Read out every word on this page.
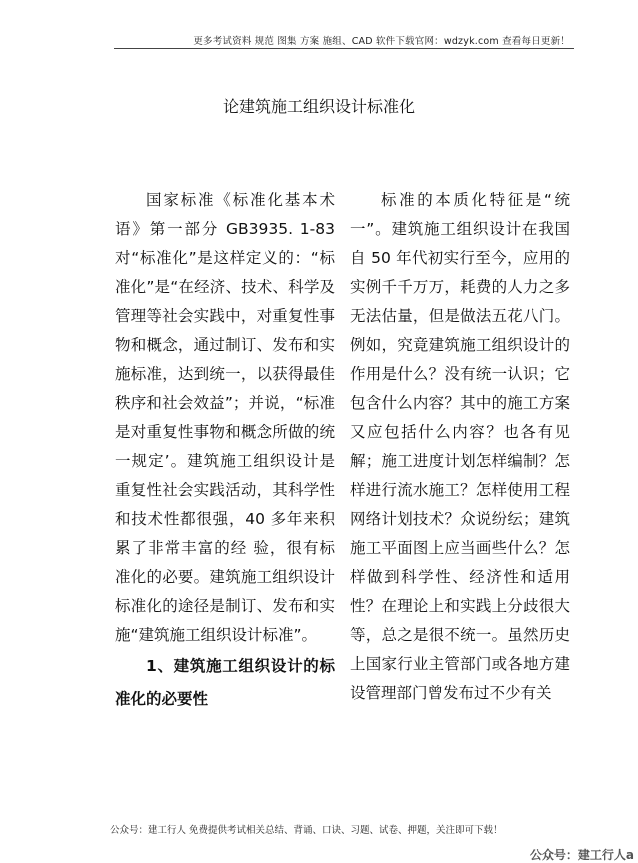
更多考试资料 规范 图集 方案 施组、CAD 软件下载官网：wdzyk.com 查看每日更新！
论建筑施工组织设计标准化

国家标准《标准化基本术语》第一部分 GB3935. 1-83 对“标准化”是这样定义的：“标准化”是“在经济、技术、科学及管理等社会实践中，对重复性事物和概念，通过制订、发布和实施标准，达到统一，以获得最佳秩序和社会效益”；并说，“标准是对重复性事物和概念所做的统一规定’。建筑施工组织设计是重复性社会实践活动，其科学性和技术性都很强，40 多年来积累了非常丰富的经 验，很有标准化的必要。建筑施工组织设计标准化的途径是制订、发布和实施“建筑施工组织设计标准”。

1、建筑施工组织设计的标准化的必要性

标准的本质化特征是“统一”。建筑施工组织设计在我国自 50 年代初实行至今，应用的实例千千万万，耗费的人力之多无法估量，但是做法五花八门。例如，究竟建筑施工组织设计的作用是什么？没有统一认识；它包含什么内容？其中的施工方案又应包括什么内容？也各有见解；施工进度计划怎样编制？怎样进行流水施工？怎样使用工程网络计划技术？众说纷纭；建筑施工平面图上应当画些什么？怎样做到科学性、经济性和适用性？在理论上和实践上分歧很大等，总之是很不统一。虽然历史上国家行业主管部门或各地方建设管理部门曾发布过不少有关

公众号：建工行人 免费提供考试相关总结、背诵、口诀、习题、试卷、押题，关注即可下载！
公众号：建工行人a
